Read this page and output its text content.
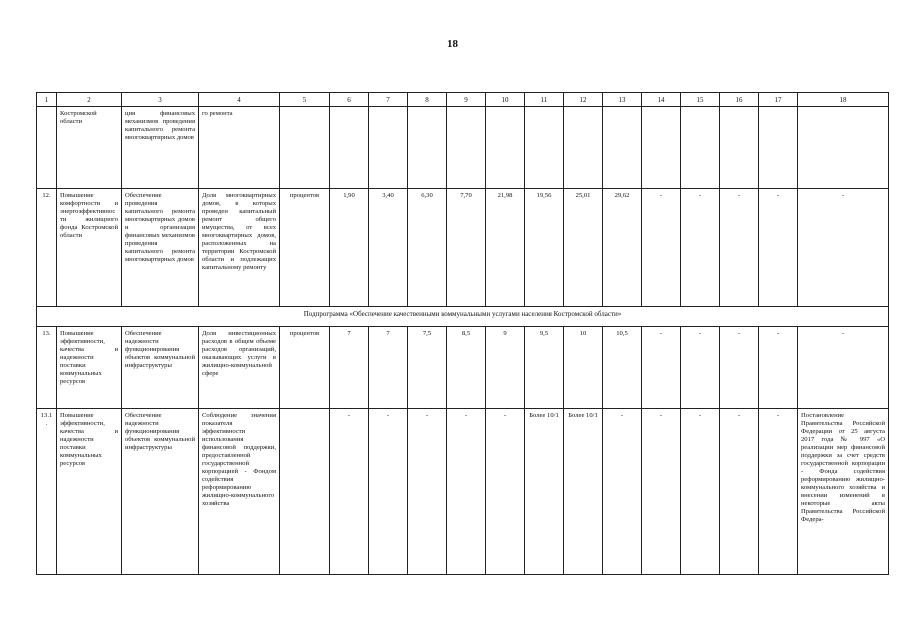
18
1	2	3	4	5	6	7	8	9	10	11	12	13	14	15	16	17	18
	Костромской области	ция финансовых механизмов проведения капитального ремонта многоквартирных домов	го ремонта														
12.	Повышение комфортности и энергоэффективности жилищного фонда Костромской области	Обеспечение проведения капитального ремонта многоквартирных домов и организация финансовых механизмов проведения капитального ремонта многоквартирных домов	Доля многоквартирных домов, в которых проведен капитальный ремонт общего имущества, от всех многоквартирных домов, расположенных на территории Костромской области и подлежащих капитальному ремонту	процентов	1,90	3,40	6,30	7,70	21,98	19,56	25,01	29,62	-	-	-	-	-
Подпрограмма «Обеспечение качественными коммунальными услугами населения Костромской области»																	
13.	Повышение эффективности, качества и надежности поставки коммунальных ресурсов	Обеспечение надежности функционирования объектов коммунальной инфраструктуры	Доля инвестиционных расходов в общем объеме расходов организаций, оказывающих услуги в жилищно-коммунальной сфере	процентов	7	7	7,5	8,5	9	9,5	10	10,5	-	-	-	-	-
13.1.	Повышение эффективности, качества и надежности поставки коммунальных ресурсов	Обеспечение надежности функционирования объектов коммунальной инфраструктуры	Соблюдение значения показателя эффективности использования финансовой поддержки, предоставленной государственной корпорацией - Фондом содействия реформированию жилищно-коммунального хозяйства		-	-	-	-	-	Более 10/1	Более 10/1	-	-	-	-	-	Постановление Правительства Российской Федерации от 25 августа 2017 года № 997 «О реализации мер финансовой поддержки за счет средств государственной корпорации - Фонда содействия реформированию жилищно-коммунального хозяйства и внесении изменений в некоторые акты Правительства Российской Федера-
